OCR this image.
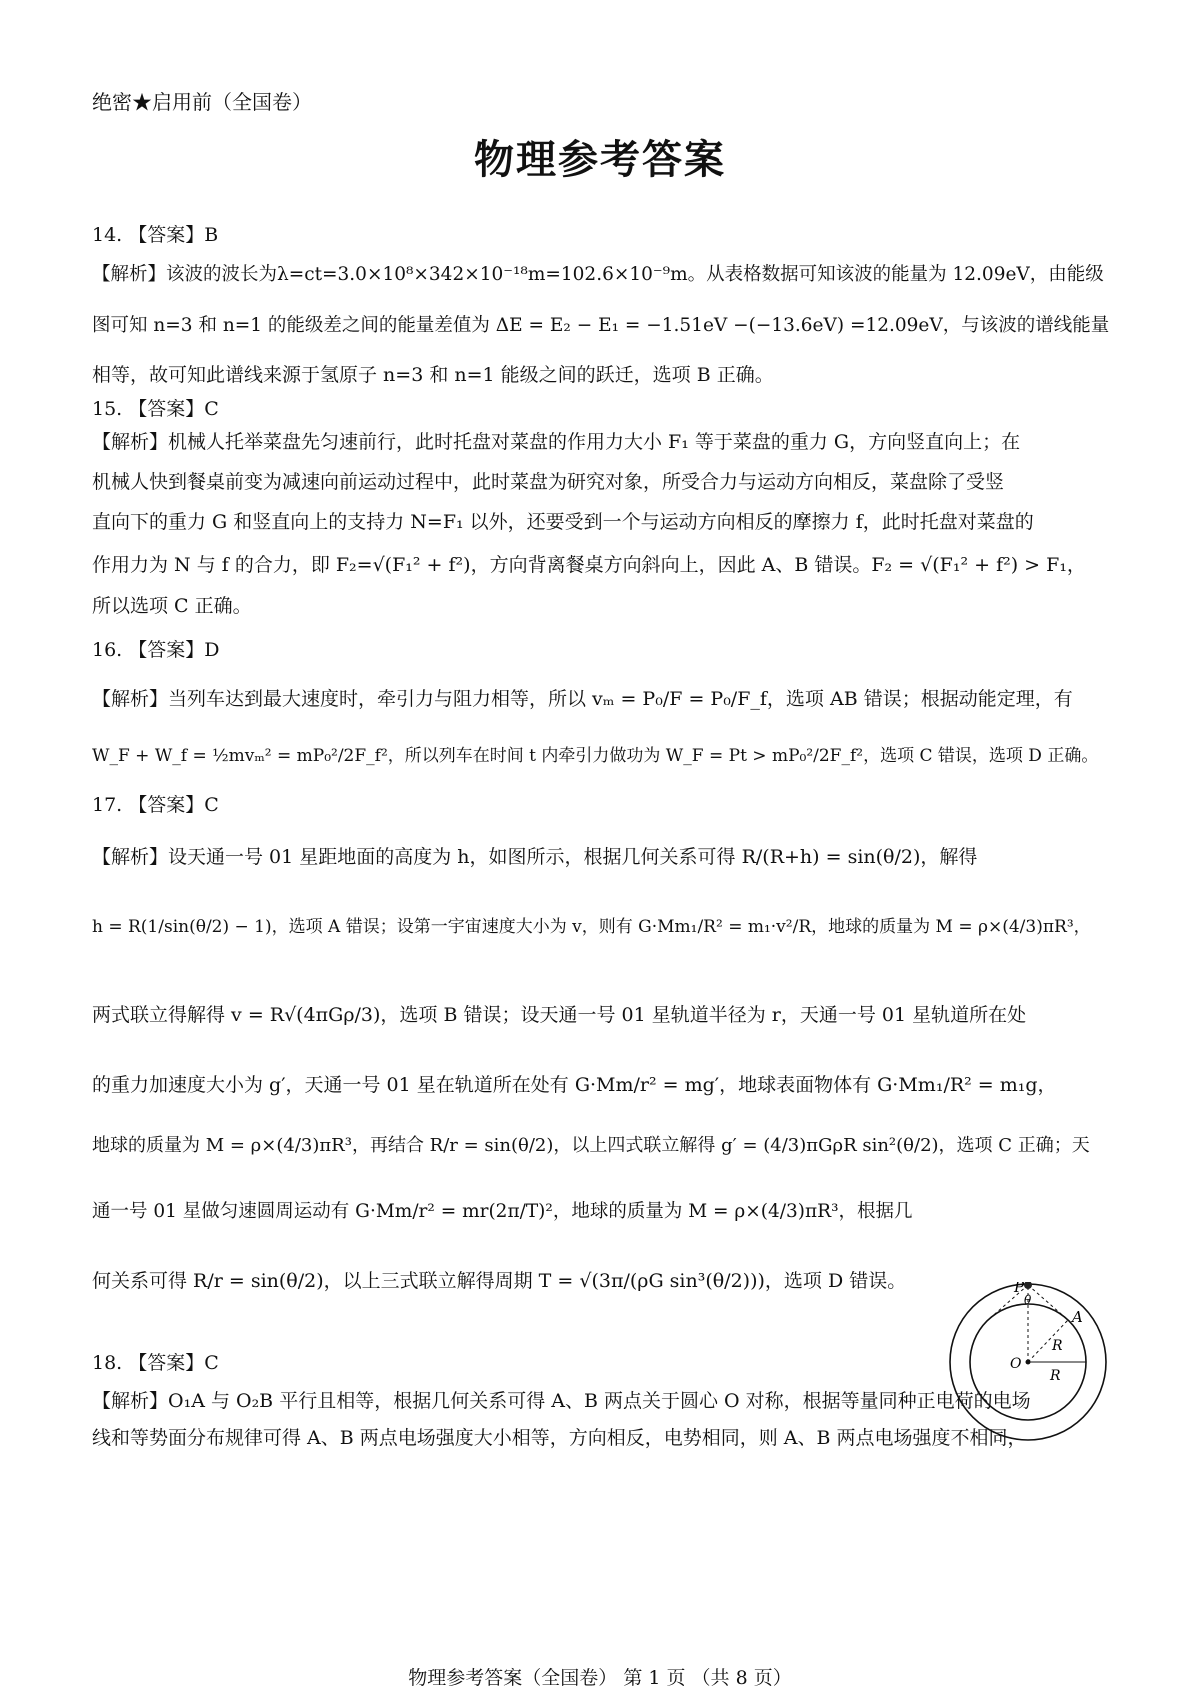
绝密★启用前（全国卷）
物理参考答案
14. 【答案】B
【解析】该波的波长为λ=ct=3.0×10⁸×342×10⁻¹⁸m=102.6×10⁻⁹m。从表格数据可知该波的能量为 12.09eV，由能级
图可知 n=3 和 n=1 的能级差之间的能量差值为 ΔE = E₂ − E₁ = −1.51eV −(−13.6eV) =12.09eV，与该波的谱线能量
相等，故可知此谱线来源于氢原子 n=3 和 n=1 能级之间的跃迁，选项 B 正确。
15. 【答案】C
【解析】机械人托举菜盘先匀速前行，此时托盘对菜盘的作用力大小 F₁ 等于菜盘的重力 G，方向竖直向上；在
机械人快到餐桌前变为减速向前运动过程中，此时菜盘为研究对象，所受合力与运动方向相反，菜盘除了受竖
直向下的重力 G 和竖直向上的支持力 N=F₁ 以外，还要受到一个与运动方向相反的摩擦力 f，此时托盘对菜盘的
作用力为 N 与 f 的合力，即 F₂=√(F₁² + f²)，方向背离餐桌方向斜向上，因此 A、B 错误。F₂ = √(F₁² + f²) > F₁，
所以选项 C 正确。
16. 【答案】D
【解析】当列车达到最大速度时，牵引力与阻力相等，所以 vₘ = P₀/F = P₀/F_f，选项 AB 错误；根据动能定理，有
W_F + W_f = ½mvₘ² = mP₀²/2F_f²，所以列车在时间 t 内牵引力做功为 W_F = Pt > mP₀²/2F_f²，选项 C 错误，选项 D 正确。
17. 【答案】C
【解析】设天通一号 01 星距地面的高度为 h，如图所示，根据几何关系可得 R/(R+h) = sin(θ/2)，解得
h = R(1/sin(θ/2) − 1)，选项 A 错误；设第一宇宙速度大小为 v，则有 G·Mm₁/R² = m₁·v²/R，地球的质量为 M = ρ×(4/3)πR³，
两式联立得解得 v = R√(4πGρ/3)，选项 B 错误；设天通一号 01 星轨道半径为 r，天通一号 01 星轨道所在处
的重力加速度大小为 g′，天通一号 01 星在轨道所在处有 G·Mm/r² = mg′，地球表面物体有 G·Mm₁/R² = m₁g，
地球的质量为 M = ρ×(4/3)πR³，再结合 R/r = sin(θ/2)，以上四式联立解得 g′ = (4/3)πGρR sin²(θ/2)，选项 C 正确；天
通一号 01 星做匀速圆周运动有 G·Mm/r² = mr(2π/T)²，地球的质量为 M = ρ×(4/3)πR³，根据几
何关系可得 R/r = sin(θ/2)，以上三式联立解得周期 T = √(3π/(ρG sin³(θ/2)))，选项 D 错误。	P
θ
A
R
O
R
18. 【答案】C
【解析】O₁A 与 O₂B 平行且相等，根据几何关系可得 A、B 两点关于圆心 O 对称，根据等量同种正电荷的电场
线和等势面分布规律可得 A、B 两点电场强度大小相等，方向相反，电势相同，则 A、B 两点电场强度不相同，
物理参考答案（全国卷） 第 1 页 （共 8 页）
